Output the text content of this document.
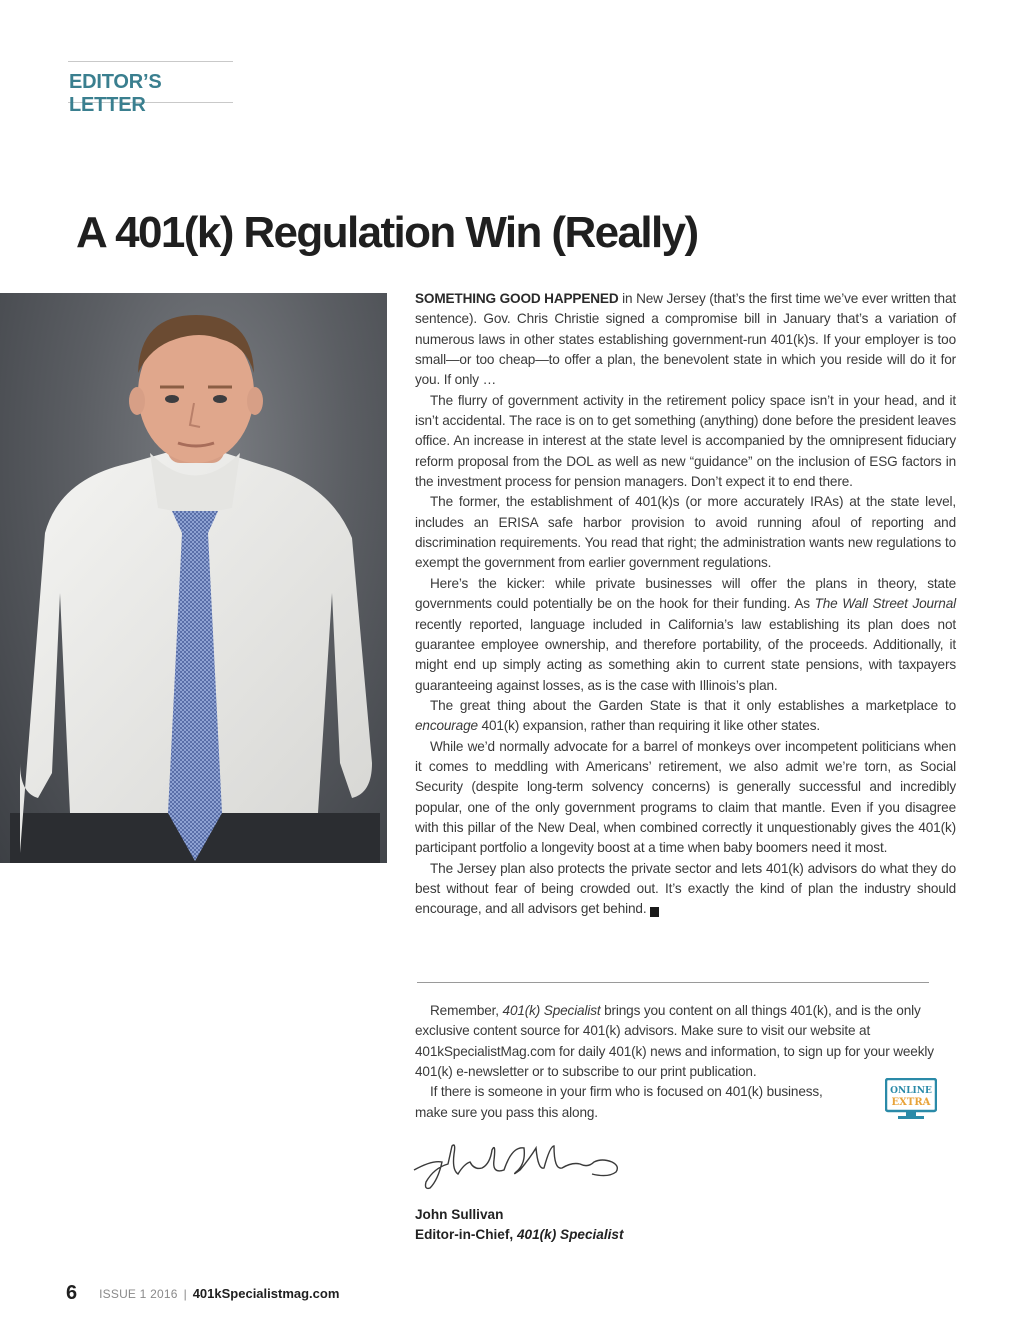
EDITOR’S LETTER
A 401(k) Regulation Win (Really)

SOMETHING GOOD HAPPENED in New Jersey (that’s the first time we’ve ever written that sentence). Gov. Chris Christie signed a compromise bill in January that’s a variation of numerous laws in other states establishing government-run 401(k)s. If your employer is too small—or too cheap—to offer a plan, the benevolent state in which you reside will do it for you. If only …

The flurry of government activity in the retirement policy space isn’t in your head, and it isn’t accidental. The race is on to get something (anything) done before the president leaves office. An increase in interest at the state level is accompanied by the omnipresent fiduciary reform proposal from the DOL as well as new “guidance” on the inclusion of ESG factors in the investment process for pension managers. Don’t expect it to end there.

The former, the establishment of 401(k)s (or more accurately IRAs) at the state level, includes an ERISA safe harbor provision to avoid running afoul of reporting and discrimination requirements. You read that right; the administration wants new regulations to exempt the government from earlier government regulations.

Here’s the kicker: while private businesses will offer the plans in theory, state governments could potentially be on the hook for their funding. As The Wall Street Journal recently reported, language included in California’s law establishing its plan does not guarantee employee ownership, and therefore portability, of the proceeds. Additionally, it might end up simply acting as something akin to current state pensions, with taxpayers guaranteeing against losses, as is the case with Illinois’s plan.

The great thing about the Garden State is that it only establishes a marketplace to encourage 401(k) expansion, rather than requiring it like other states.

While we’d normally advocate for a barrel of monkeys over incompetent politicians when it comes to meddling with Americans’ retirement, we also admit we’re torn, as Social Security (despite long-term solvency concerns) is generally successful and incredibly popular, one of the only government programs to claim that mantle. Even if you disagree with this pillar of the New Deal, when combined correctly it unquestionably gives the 401(k) participant portfolio a longevity boost at a time when baby boomers need it most.

The Jersey plan also protects the private sector and lets 401(k) advisors do what they do best without fear of being crowded out. It’s exactly the kind of plan the industry should encourage, and all advisors get behind. K

Remember, 401(k) Specialist brings you content on all things 401(k), and is the only exclusive content source for 401(k) advisors. Make sure to visit our website at 401kSpecialistMag.com for daily 401(k) news and information, to sign up for your weekly 401(k) e-newsletter or to subscribe to our print publication.

If there is someone in your firm who is focused on 401(k) business, make sure you pass this along.

ONLINE
EXTRA
John Sullivan
Editor-in-Chief, 401(k) Specialist
6 ISSUE 1 2016 | 401kSpecialistmag.com
